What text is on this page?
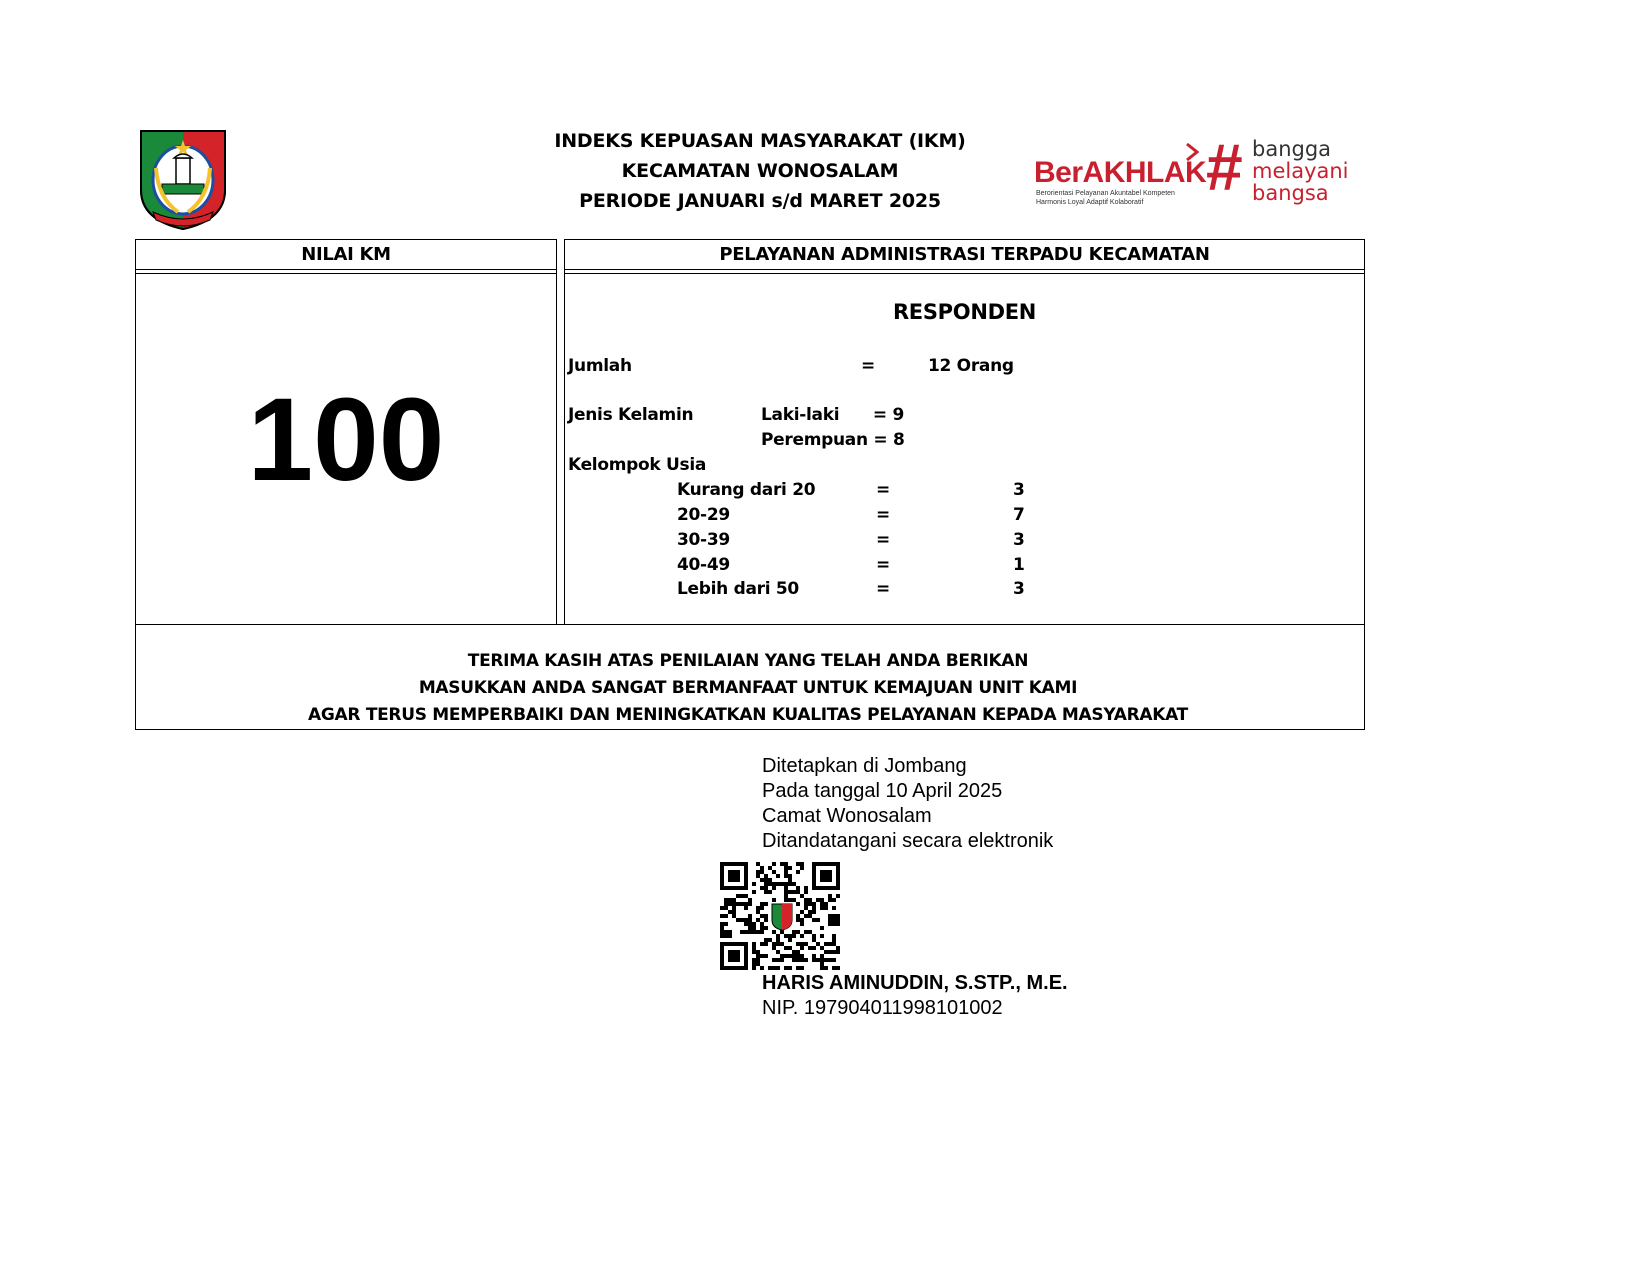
INDEKS KEPUASAN MASYARAKAT (IKM)
KECAMATAN WONOSALAM
PERIODE JANUARI s/d MARET 2025
BerAKHLAK
Berorientasi Pelayanan Akuntabel Kompeten
Harmonis Loyal Adaptif Kolaboratif # bangga
melayani
bangsa
NILAI KM
100
PELAYANAN ADMINISTRASI TERPADU KECAMATAN
RESPONDEN
Jumlah	=	12 Orang
Jenis Kelamin	Laki-laki      = 9
Perempuan = 8
Kelompok Usia
Kurang dari 20	=	3
20-29	=	7
30-39	=	3
40-49	=	1
Lebih dari 50	=	3
TERIMA KASIH ATAS PENILAIAN YANG TELAH ANDA BERIKAN
MASUKKAN ANDA SANGAT BERMANFAAT UNTUK KEMAJUAN UNIT KAMI
AGAR TERUS MEMPERBAIKI DAN MENINGKATKAN KUALITAS PELAYANAN KEPADA MASYARAKAT
Ditetapkan di Jombang
Pada tanggal 10 April 2025
Camat Wonosalam
Ditandatangani secara elektronik
HARIS AMINUDDIN, S.STP., M.E.
NIP. 197904011998101002
